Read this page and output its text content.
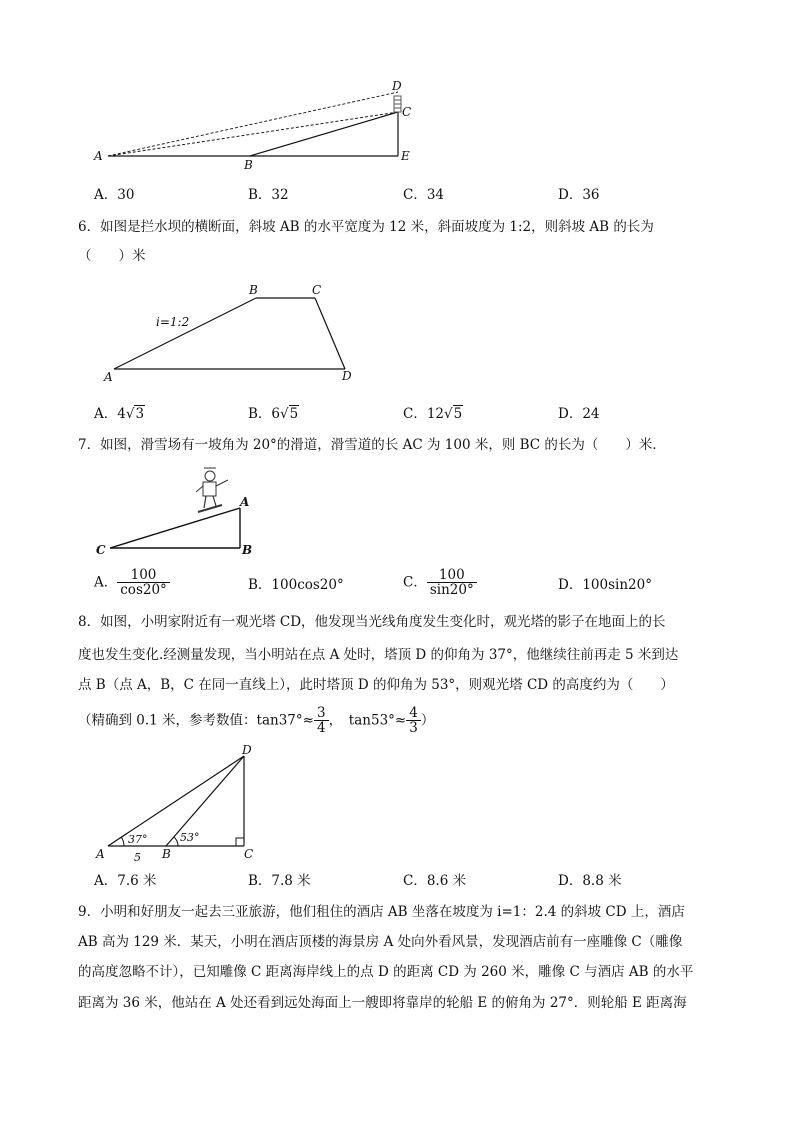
A
B
C
D
E
A．30	B．32	C．34	D．36
6．如图是拦水坝的横断面，斜坡 AB 的水平宽度为 12 米，斜面坡度为 1:2，则斜坡 AB 的长为
（　　）米
A
B	C
D
i=1:2
A．4√3	B．6√5	C．12√5	D．24
7．如图，滑雪场有一坡角为 20°的滑道，滑雪道的长 AC 为 100 米，则 BC 的长为（　　）米．
C	B
A
A． $\frac{100}{\cos 20^\circ}$	B．100cos20°	C． $\frac{100}{\sin 20^\circ}$	D．100sin20°
8．如图，小明家附近有一观光塔 CD，他发现当光线角度发生变化时，观光塔的影子在地面上的长
度也发生变化.经测量发现，当小明站在点 A 处时，塔顶 D 的仰角为 37°，他继续往前再走 5 米到达
点 B（点 A，B，C 在同一直线上），此时塔顶 D 的仰角为 53°，则观光塔 CD 的高度约为（　　）
（精确到 0.1 米，参考数值：$\tan 37^\circ\approx \frac{3}{4}$ ，　$\tan 53^\circ\approx \frac{4}{3}$ ）
A	B	C
D
37°	53°
5
A．7.6 米	B．7.8 米	C．8.6 米	D．8.8 米
9．小明和好朋友一起去三亚旅游，他们租住的酒店 AB 坐落在坡度为 i=1：2.4 的斜坡 CD 上，酒店
AB 高为 129 米．某天，小明在酒店顶楼的海景房 A 处向外看风景，发现酒店前有一座雕像 C（雕像
的高度忽略不计），已知雕像 C 距离海岸线上的点 D 的距离 CD 为 260 米，雕像 C 与酒店 AB 的水平
距离为 36 米，他站在 A 处还看到远处海面上一艘即将靠岸的轮船 E 的俯角为 27°．则轮船 E 距离海
